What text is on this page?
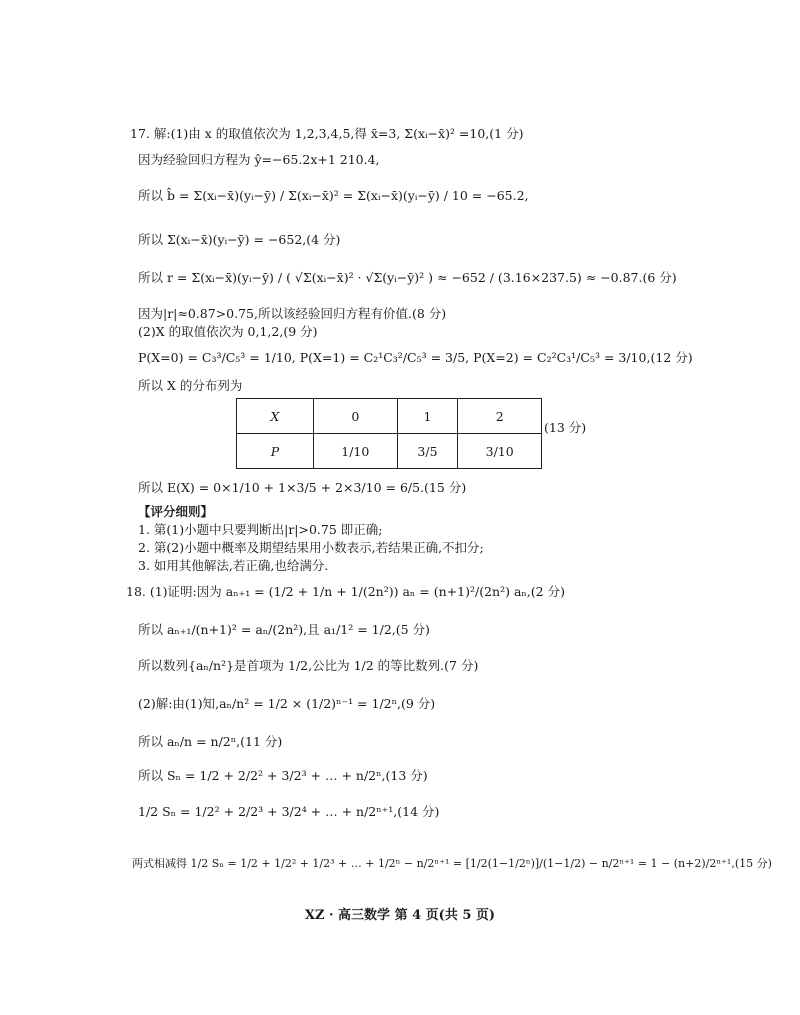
17. 解:(1)由 x 的取值依次为 1,2,3,4,5,得 x̄=3, Σ(xᵢ−x̄)² =10,(1 分)
因为经验回归方程为 ŷ=−65.2x+1 210.4,
所以 b̂ = Σ(xᵢ−x̄)(yᵢ−ȳ) / Σ(xᵢ−x̄)² = Σ(xᵢ−x̄)(yᵢ−ȳ) / 10 = −65.2,
所以 Σ(xᵢ−x̄)(yᵢ−ȳ) = −652,(4 分)
所以 r = Σ(xᵢ−x̄)(yᵢ−ȳ) / ( √Σ(xᵢ−x̄)² · √Σ(yᵢ−ȳ)² ) ≈ −652 / (3.16×237.5) ≈ −0.87.(6 分)
因为|r|≈0.87>0.75,所以该经验回归方程有价值.(8 分)
(2)X 的取值依次为 0,1,2,(9 分)
P(X=0) = C₃³/C₅³ = 1/10, P(X=1) = C₂¹C₃²/C₅³ = 3/5, P(X=2) = C₂²C₃¹/C₅³ = 3/10,(12 分)
所以 X 的分布列为
X	0	1	2
P	1/10	3/5	3/10
(13 分)
所以 E(X) = 0×1/10 + 1×3/5 + 2×3/10 = 6/5.(15 分)
【评分细则】
1. 第(1)小题中只要判断出|r|>0.75 即正确;
2. 第(2)小题中概率及期望结果用小数表示,若结果正确,不扣分;
3. 如用其他解法,若正确,也给满分.
18. (1)证明:因为 aₙ₊₁ = (1/2 + 1/n + 1/(2n²)) aₙ = (n+1)²/(2n²) aₙ,(2 分)
所以 aₙ₊₁/(n+1)² = aₙ/(2n²),且 a₁/1² = 1/2,(5 分)
所以数列{aₙ/n²}是首项为 1/2,公比为 1/2 的等比数列.(7 分)
(2)解:由(1)知,aₙ/n² = 1/2 × (1/2)ⁿ⁻¹ = 1/2ⁿ,(9 分)
所以 aₙ/n = n/2ⁿ,(11 分)
所以 Sₙ = 1/2 + 2/2² + 3/2³ + … + n/2ⁿ,(13 分)
1/2 Sₙ = 1/2² + 2/2³ + 3/2⁴ + … + n/2ⁿ⁺¹,(14 分)
两式相减得 1/2 Sₙ = 1/2 + 1/2² + 1/2³ + … + 1/2ⁿ − n/2ⁿ⁺¹ = [1/2(1−1/2ⁿ)]/(1−1/2) − n/2ⁿ⁺¹ = 1 − (n+2)/2ⁿ⁺¹,(15 分)
XZ · 高三数学 第 4 页(共 5 页)
